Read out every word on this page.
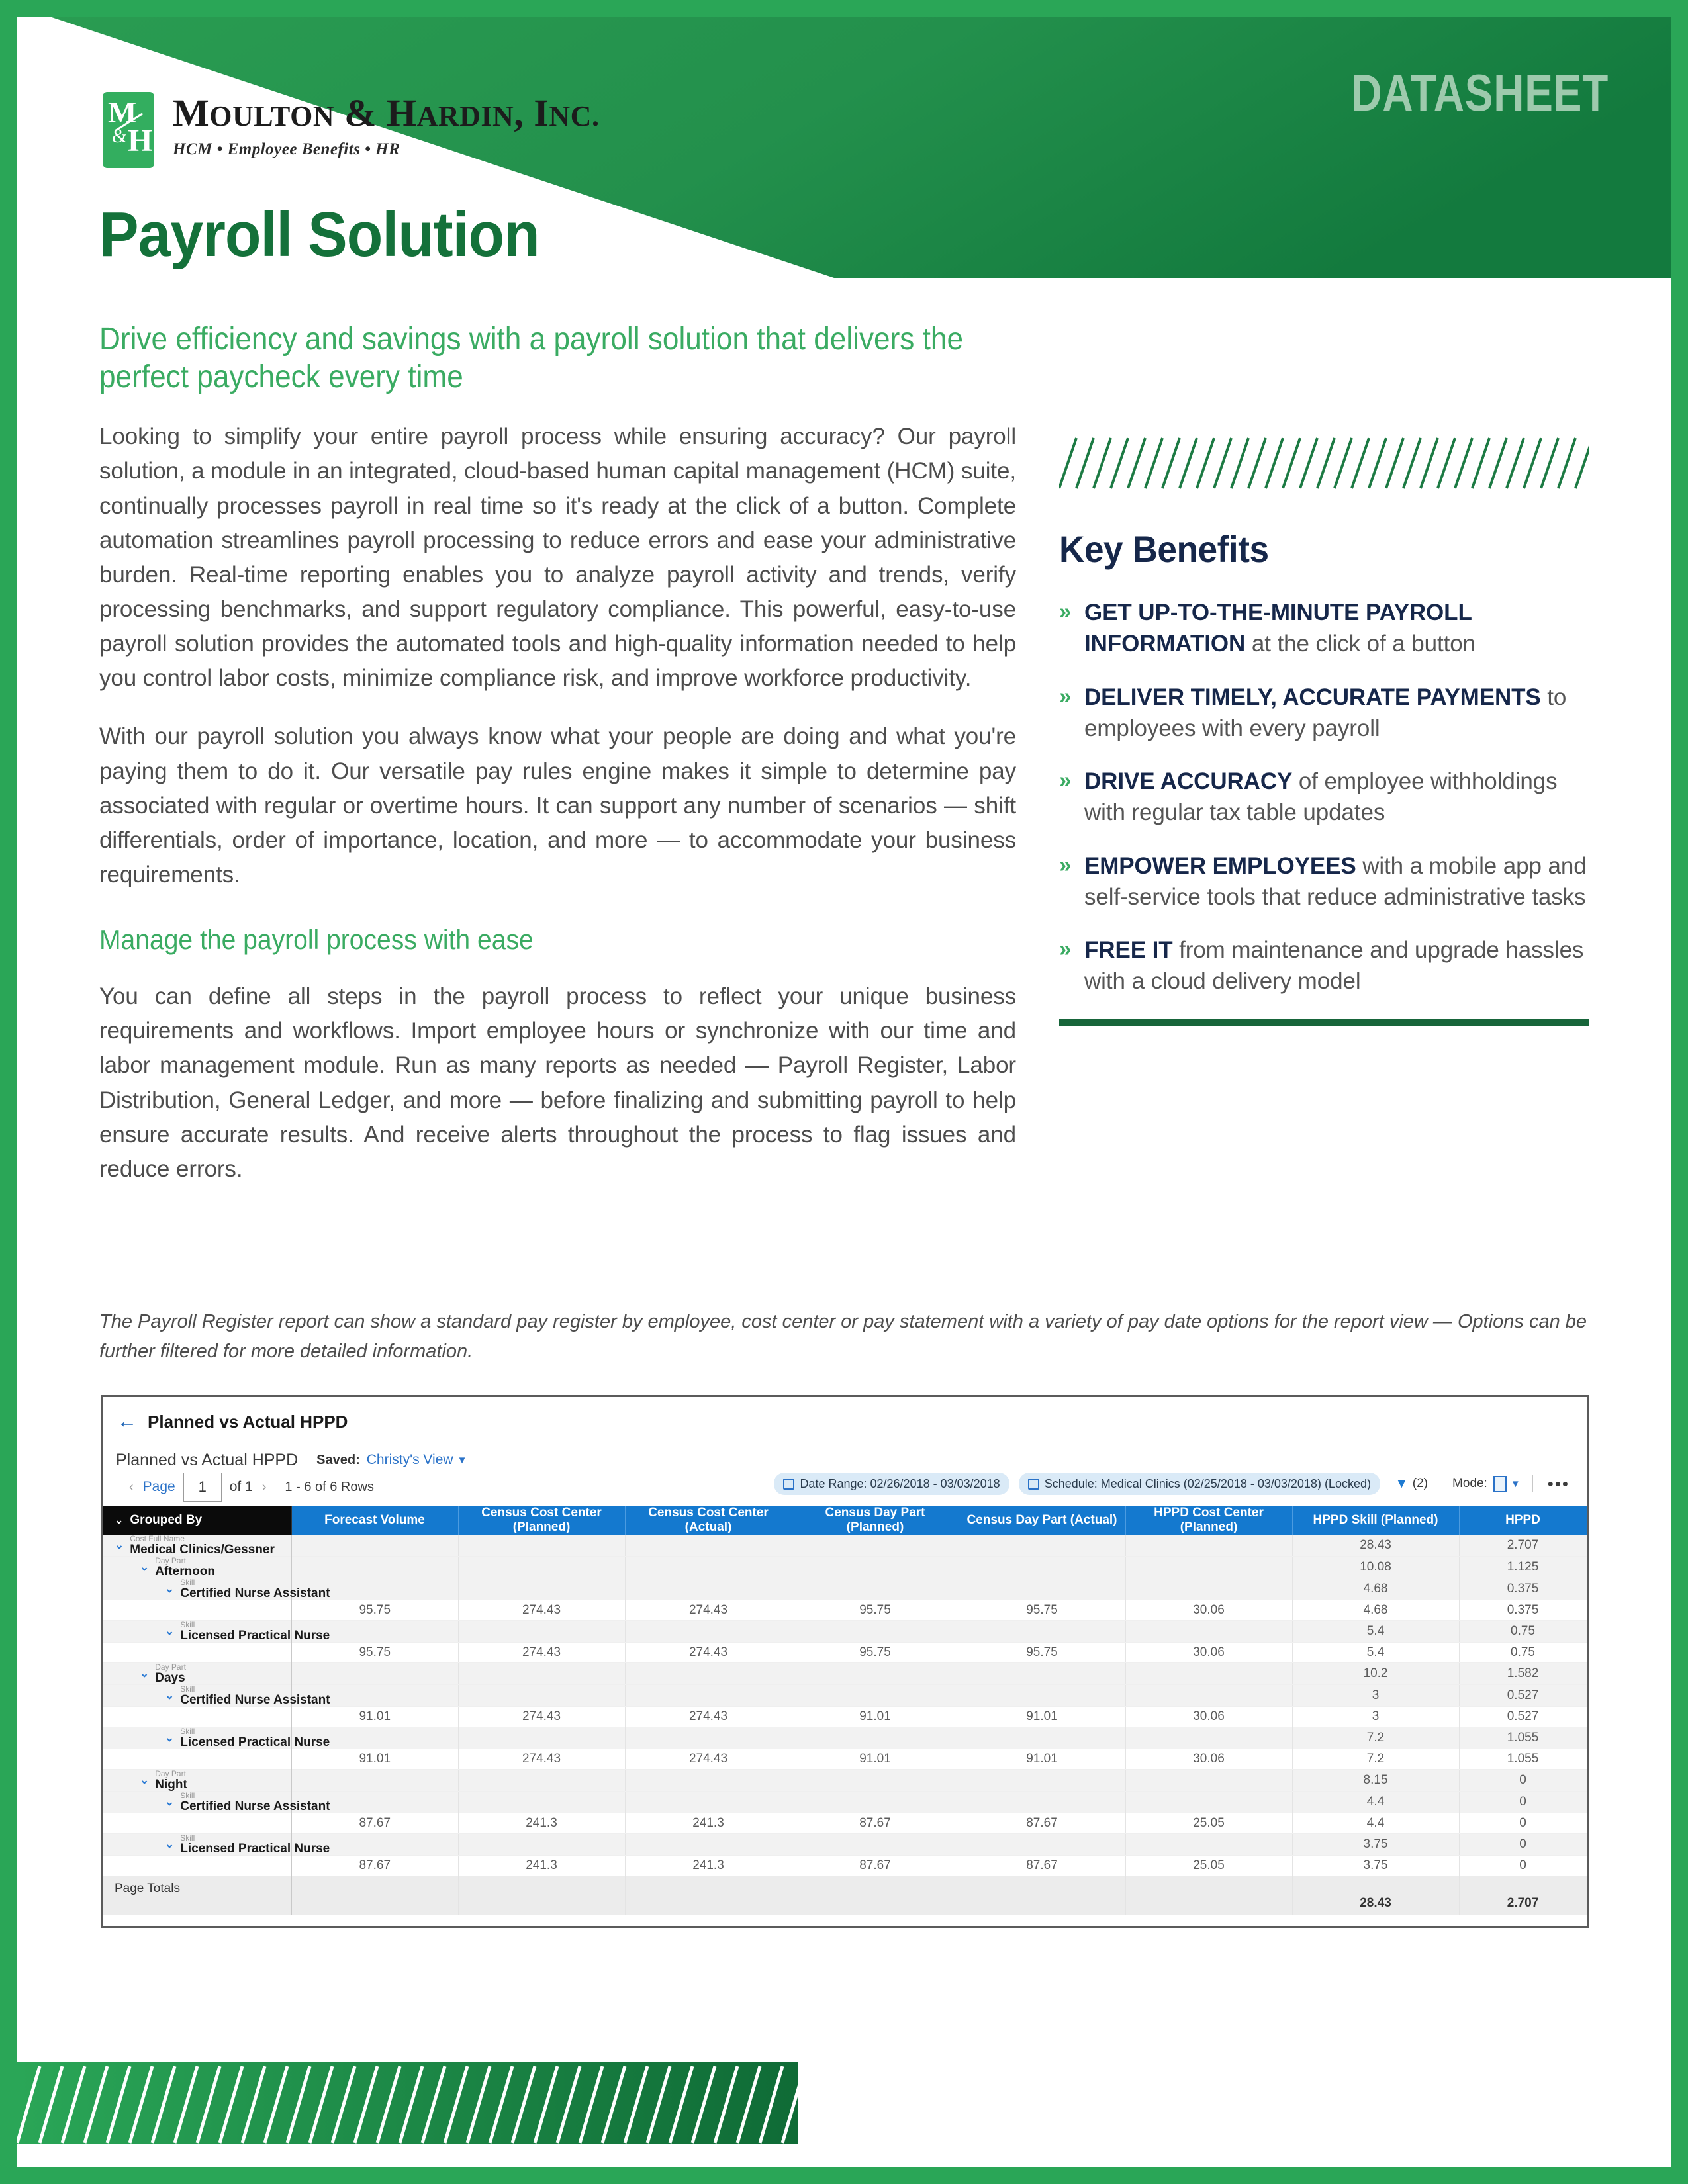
DATASHEET
M
& H
MOULTON & HARDIN, INC.
HCM • Employee Benefits • HR
Payroll Solution
Drive efficiency and savings with a payroll solution that delivers the perfect paycheck every time
Looking to simplify your entire payroll process while ensuring accuracy? Our payroll solution, a module in an integrated, cloud-based human capital management (HCM) suite, continually processes payroll in real time so it's ready at the click of a button. Complete automation streamlines payroll processing to reduce errors and ease your administrative burden. Real-time reporting enables you to analyze payroll activity and trends, verify processing benchmarks, and support regulatory compliance. This powerful, easy-to-use payroll solution provides the automated tools and high-quality information needed to help you control labor costs, minimize compliance risk, and improve workforce productivity.
With our payroll solution you always know what your people are doing and what you're paying them to do it. Our versatile pay rules engine makes it simple to determine pay associated with regular or overtime hours. It can support any number of scenarios — shift differentials, order of importance, location, and more — to accommodate your business requirements.
Manage the payroll process with ease
You can define all steps in the payroll process to reflect your unique business requirements and workflows. Import employee hours or synchronize with our time and labor management module. Run as many reports as needed — Payroll Register, Labor Distribution, General Ledger, and more — before finalizing and submitting payroll to help ensure accurate results. And receive alerts throughout the process to flag issues and reduce errors.
Key Benefits
» GET UP-TO-THE-MINUTE PAYROLL INFORMATION at the click of a button
» DELIVER TIMELY, ACCURATE PAYMENTS to employees with every payroll
» DRIVE ACCURACY of employee withholdings with regular tax table updates
» EMPOWER EMPLOYEES with a mobile app and self-service tools that reduce administrative tasks
» FREE IT from maintenance and upgrade hassles with a cloud delivery model
The Payroll Register report can show a standard pay register by employee, cost center or pay statement with a variety of pay date options for the report view — Options can be further filtered for more detailed information.
← Planned vs Actual HPPD
Planned vs Actual HPPD Saved: Christy's View ▼
‹ Page	1	of 1 › 1 - 6 of 6 Rows	Date Range: 02/26/2018 - 03/03/2018	Schedule: Medical Clinics (02/25/2018 - 03/03/2018) (Locked) ▼ (2) Mode: ▼ •••
⌄ Grouped By	Forecast Volume	Census Cost Center (Planned)	Census Cost Center (Actual)	Census Day Part (Planned)	Census Day Part (Actual)	HPPD Cost Center (Planned)	HPPD Skill (Planned)	HPPD

⌄ Cost Full Name
Medical Clinics/Gessner							28.43	2.707

⌄ Day Part
Afternoon							10.08	1.125

⌄ Skill
Certified Nurse Assistant							4.68	0.375
	95.75	274.43	274.43	95.75	95.75	30.06	4.68	0.375

⌄ Skill
Licensed Practical Nurse							5.4	0.75
	95.75	274.43	274.43	95.75	95.75	30.06	5.4	0.75

⌄ Day Part
Days							10.2	1.582

⌄ Skill
Certified Nurse Assistant							3	0.527
	91.01	274.43	274.43	91.01	91.01	30.06	3	0.527

⌄ Skill
Licensed Practical Nurse							7.2	1.055
	91.01	274.43	274.43	91.01	91.01	30.06	7.2	1.055

⌄ Day Part
Night							8.15	0

⌄ Skill
Certified Nurse Assistant							4.4	0
	87.67	241.3	241.3	87.67	87.67	25.05	4.4	0

⌄ Skill
Licensed Practical Nurse							3.75	0
	87.67	241.3	241.3	87.67	87.67	25.05	3.75	0
Page Totals							28.43	2.707
